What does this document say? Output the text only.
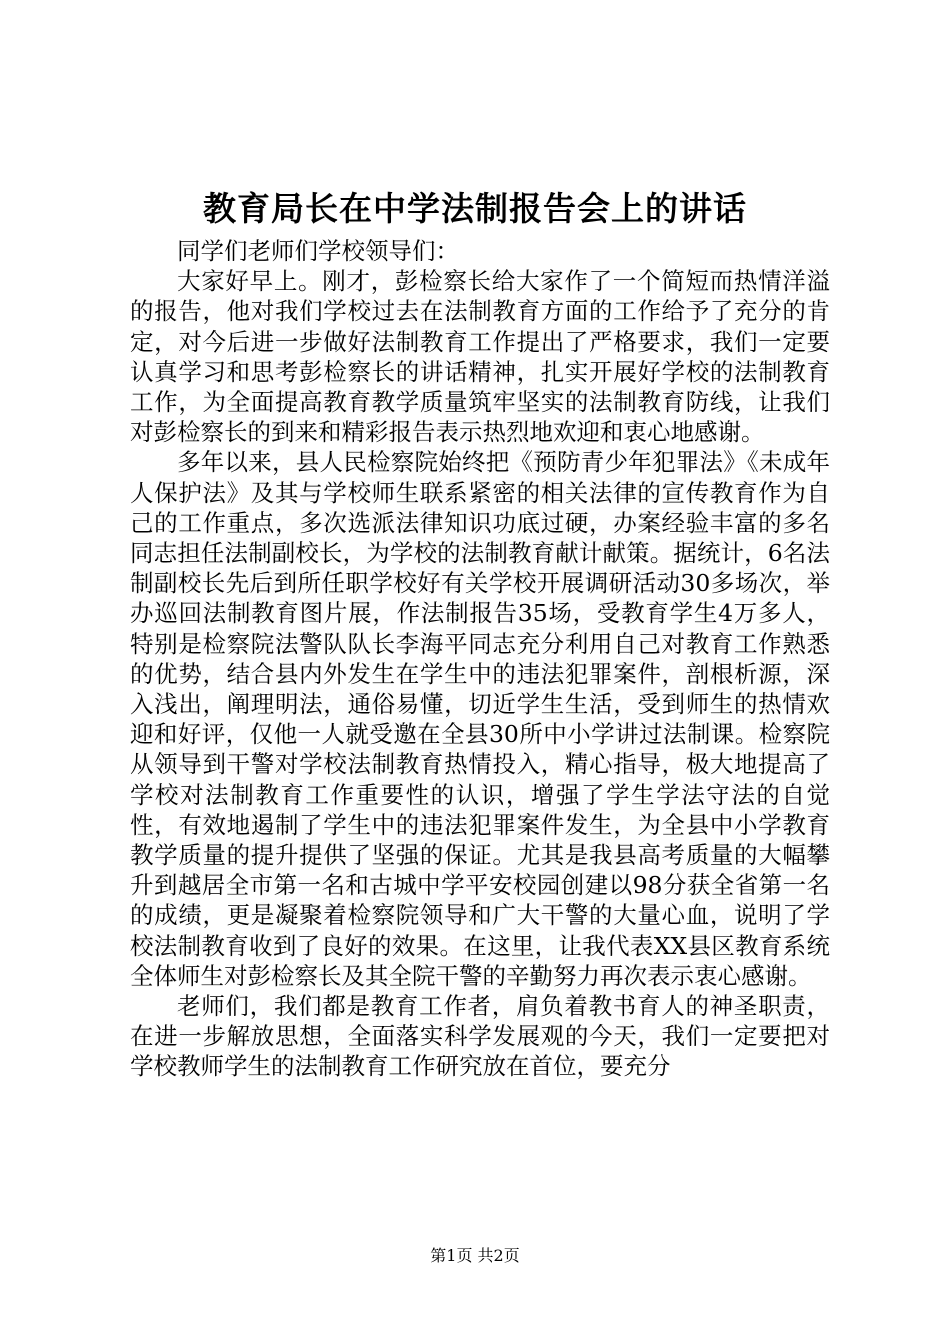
教育局长在中学法制报告会上的讲话

同学们老师们学校领导们：

大家好早上。刚才，彭检察长给大家作了一个简短而热情洋溢的报告，他对我们学校过去在法制教育方面的工作给予了充分的肯定，对今后进一步做好法制教育工作提出了严格要求，我们一定要认真学习和思考彭检察长的讲话精神，扎实开展好学校的法制教育工作，为全面提高教育教学质量筑牢坚实的法制教育防线，让我们对彭检察长的到来和精彩报告表示热烈地欢迎和衷心地感谢。

多年以来，县人民检察院始终把《预防青少年犯罪法》《未成年人保护法》及其与学校师生联系紧密的相关法律的宣传教育作为自己的工作重点，多次选派法律知识功底过硬，办案经验丰富的多名同志担任法制副校长，为学校的法制教育献计献策。据统计，6名法制副校长先后到所任职学校好有关学校开展调研活动30多场次，举办巡回法制教育图片展，作法制报告35场，受教育学生4万多人，特别是检察院法警队队长李海平同志充分利用自己对教育工作熟悉的优势，结合县内外发生在学生中的违法犯罪案件，剖根析源，深入浅出，阐理明法，通俗易懂，切近学生生活，受到师生的热情欢迎和好评，仅他一人就受邀在全县30所中小学讲过法制课。检察院从领导到干警对学校法制教育热情投入，精心指导，极大地提高了学校对法制教育工作重要性的认识，增强了学生学法守法的自觉性，有效地遏制了学生中的违法犯罪案件发生，为全县中小学教育教学质量的提升提供了坚强的保证。尤其是我县高考质量的大幅攀升到越居全市第一名和古城中学平安校园创建以98分获全省第一名的成绩，更是凝聚着检察院领导和广大干警的大量心血，说明了学校法制教育收到了良好的效果。在这里，让我代表XX县区教育系统全体师生对彭检察长及其全院干警的辛勤努力再次表示衷心感谢。

老师们，我们都是教育工作者，肩负着教书育人的神圣职责，在进一步解放思想，全面落实科学发展观的今天，我们一定要把对学校教师学生的法制教育工作研究放在首位，要充分

第1页 共2页
